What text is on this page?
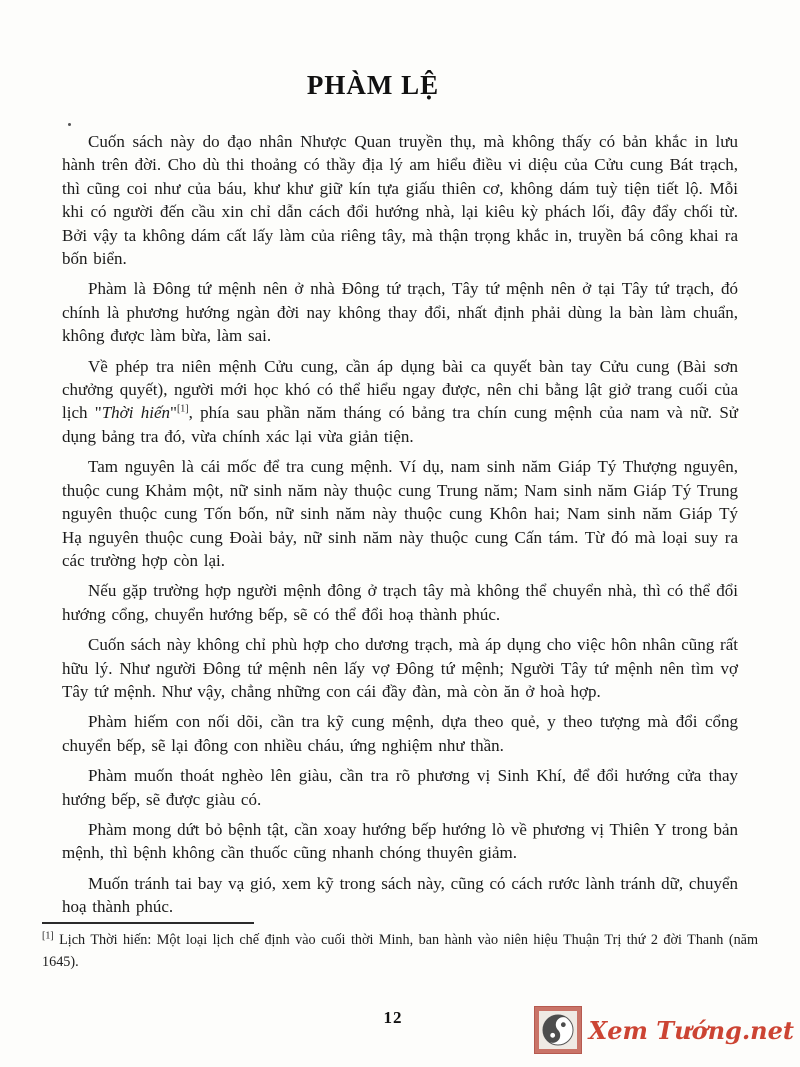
PHÀM LỆ

Cuốn sách này do đạo nhân Nhược Quan truyền thụ, mà không thấy có bản khắc in lưu hành trên đời. Cho dù thi thoảng có thầy địa lý am hiểu điều vi diệu của Cửu cung Bát trạch, thì cũng coi như của báu, khư khư giữ kín tựa giấu thiên cơ, không dám tuỳ tiện tiết lộ. Mỗi khi có người đến cầu xin chỉ dẫn cách đổi hướng nhà, lại kiêu kỳ phách lối, đây đẩy chối từ. Bởi vậy ta không dám cất lấy làm của riêng tây, mà thận trọng khắc in, truyền bá công khai ra bốn biển.

Phàm là Đông tứ mệnh nên ở nhà Đông tứ trạch, Tây tứ mệnh nên ở tại Tây tứ trạch, đó chính là phương hướng ngàn đời nay không thay đổi, nhất định phải dùng la bàn làm chuẩn, không được làm bừa, làm sai.

Về phép tra niên mệnh Cửu cung, cần áp dụng bài ca quyết bàn tay Cửu cung (Bài sơn chưởng quyết), người mới học khó có thể hiểu ngay được, nên chi bằng lật giở trang cuối của lịch "Thời hiến"[1], phía sau phần năm tháng có bảng tra chín cung mệnh của nam và nữ. Sử dụng bảng tra đó, vừa chính xác lại vừa giản tiện.

Tam nguyên là cái mốc để tra cung mệnh. Ví dụ, nam sinh năm Giáp Tý Thượng nguyên, thuộc cung Khảm một, nữ sinh năm này thuộc cung Trung năm; Nam sinh năm Giáp Tý Trung nguyên thuộc cung Tốn bốn, nữ sinh năm này thuộc cung Khôn hai; Nam sinh năm Giáp Tý Hạ nguyên thuộc cung Đoài bảy, nữ sinh năm này thuộc cung Cấn tám. Từ đó mà loại suy ra các trường hợp còn lại.

Nếu gặp trường hợp người mệnh đông ở trạch tây mà không thể chuyển nhà, thì có thể đổi hướng cổng, chuyển hướng bếp, sẽ có thể đổi hoạ thành phúc.

Cuốn sách này không chỉ phù hợp cho dương trạch, mà áp dụng cho việc hôn nhân cũng rất hữu lý. Như người Đông tứ mệnh nên lấy vợ Đông tứ mệnh; Người Tây tứ mệnh nên tìm vợ Tây tứ mệnh. Như vậy, chẳng những con cái đầy đàn, mà còn ăn ở hoà hợp.

Phàm hiếm con nối dõi, cần tra kỹ cung mệnh, dựa theo quẻ, y theo tượng mà đổi cổng chuyển bếp, sẽ lại đông con nhiều cháu, ứng nghiệm như thần.

Phàm muốn thoát nghèo lên giàu, cần tra rõ phương vị Sinh Khí, để đổi hướng cửa thay hướng bếp, sẽ được giàu có.

Phàm mong dứt bỏ bệnh tật, cần xoay hướng bếp hướng lò về phương vị Thiên Y trong bản mệnh, thì bệnh không cần thuốc cũng nhanh chóng thuyên giảm.

Muốn tránh tai bay vạ gió, xem kỹ trong sách này, cũng có cách rước lành tránh dữ, chuyển hoạ thành phúc.

[1] Lịch Thời hiến: Một loại lịch chế định vào cuối thời Minh, ban hành vào niên hiệu Thuận Trị thứ 2 đời Thanh (năm 1645).

12	Xem Tướng.net
